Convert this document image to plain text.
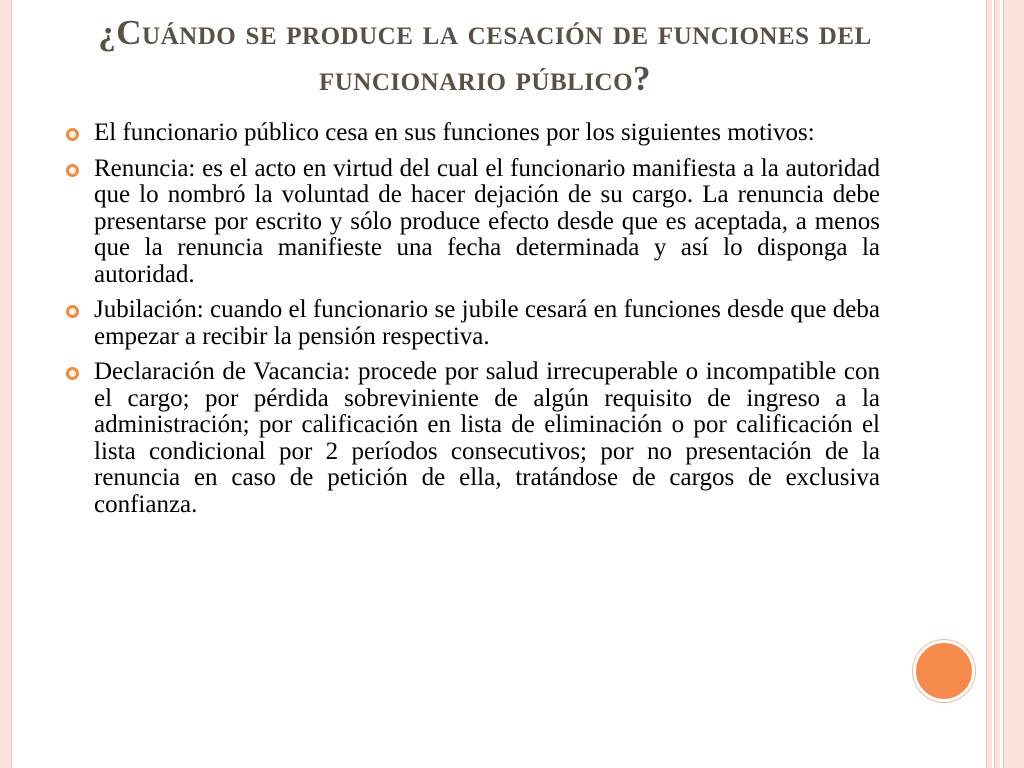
¿Cuándo se produce la cesación de funciones del funcionario público?
El funcionario público cesa en sus funciones por los siguientes motivos:
Renuncia: es el acto en virtud del cual el funcionario manifiesta a la autoridad que lo nombró la voluntad de hacer dejación de su cargo. La renuncia debe presentarse por escrito y sólo produce efecto desde que es aceptada, a menos que la renuncia manifieste una fecha determinada y así lo disponga la autoridad.
Jubilación: cuando el funcionario se jubile cesará en funciones desde que deba empezar a recibir la pensión respectiva.
Declaración de Vacancia: procede por salud irrecuperable o incompatible con el cargo; por pérdida sobreviniente de algún requisito de ingreso a la administración; por calificación en lista de eliminación o por calificación el lista condicional por 2 períodos consecutivos; por no presentación de la renuncia en caso de petición de ella, tratándose de cargos de exclusiva confianza.
